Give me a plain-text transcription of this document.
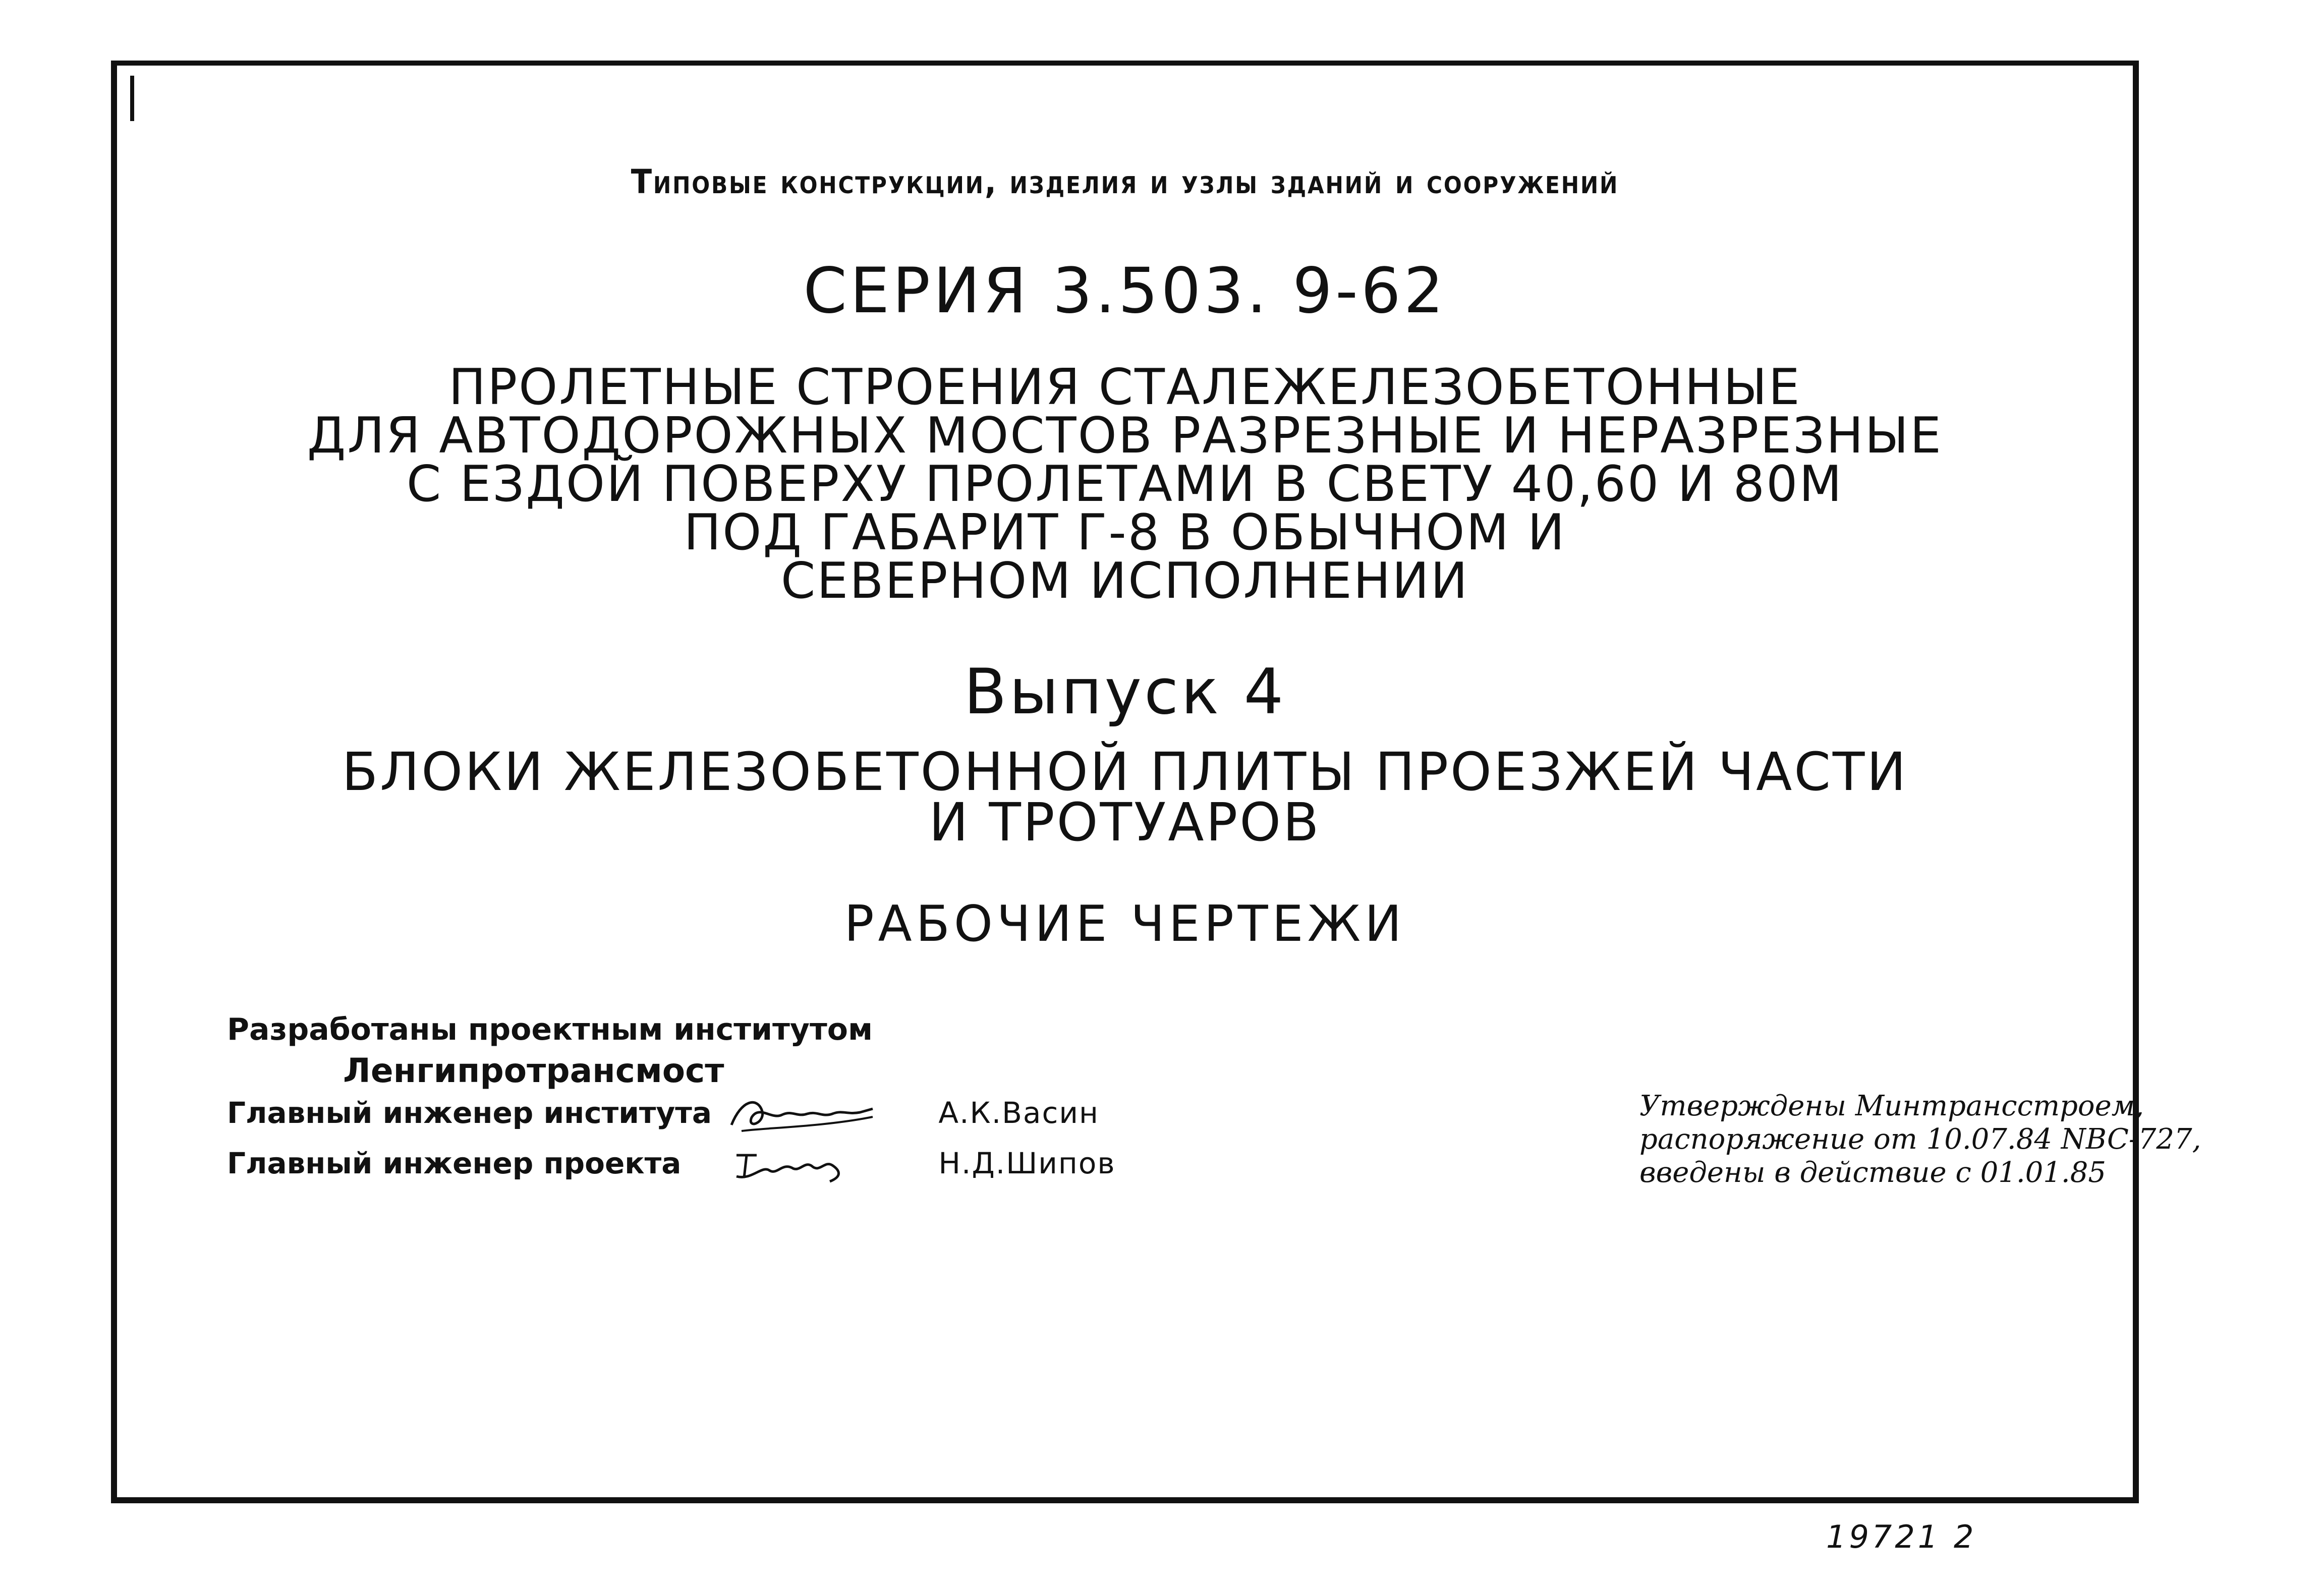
Типовые конструкции, изделия и узлы зданий и сооружений
СЕРИЯ 3.503. 9-62
ПРОЛЕТНЫЕ СТРОЕНИЯ СТАЛЕЖЕЛЕЗОБЕТОННЫЕ
ДЛЯ АВТОДОРОЖНЫХ МОСТОВ РАЗРЕЗНЫЕ И НЕРАЗРЕЗНЫЕ
С ЕЗДОЙ ПОВЕРХУ ПРОЛЕТАМИ В СВЕТУ 40,60 И 80М
ПОД ГАБАРИТ Г-8 В ОБЫЧНОМ И
СЕВЕРНОМ ИСПОЛНЕНИИ
Выпуск 4
БЛОКИ ЖЕЛЕЗОБЕТОННОЙ ПЛИТЫ ПРОЕЗЖЕЙ ЧАСТИ
И ТРОТУАРОВ
РАБОЧИЕ ЧЕРТЕЖИ
Разработаны проектным институтом
Ленгипротрансмост
Главный инженер института	А.К.Васин
Главный инженер проекта	Н.Д.Шипов
Утверждены Минтрансстроем,
распоряжение от 10.07.84 NBC-727,
введены в действие с 01.01.85
19721 2
